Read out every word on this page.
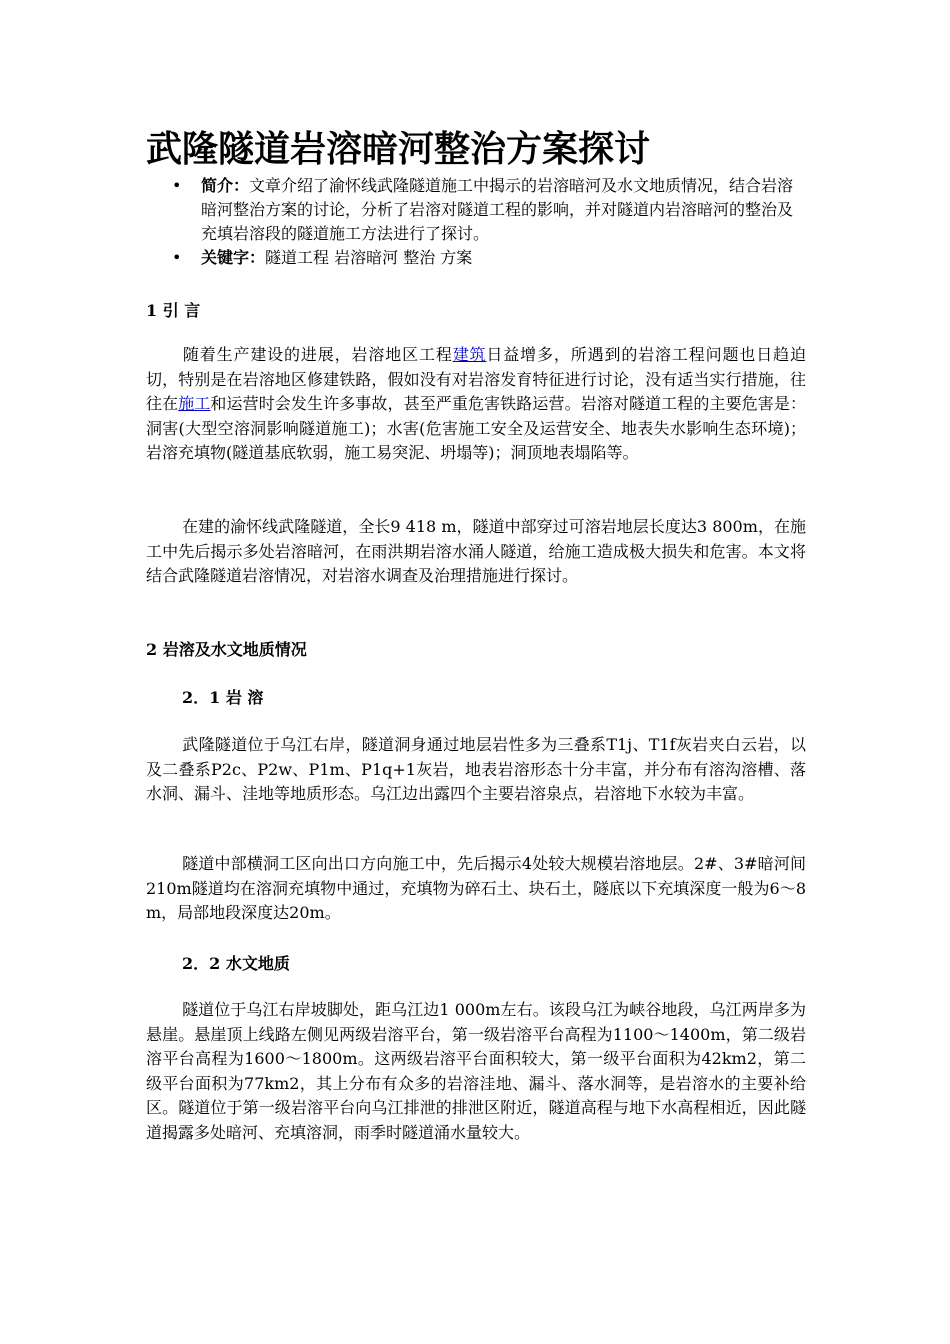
武隆隧道岩溶暗河整治方案探讨
• 简介：文章介绍了渝怀线武隆隧道施工中揭示的岩溶暗河及水文地质情况，结合岩溶暗河整治方案的讨论，分析了岩溶对隧道工程的影响，并对隧道内岩溶暗河的整治及充填岩溶段的隧道施工方法进行了探讨。
• 关键字：隧道工程 岩溶暗河 整治 方案
1 引 言

随着生产建设的进展，岩溶地区工程建筑日益增多，所遇到的岩溶工程问题也日趋迫切，特别是在岩溶地区修建铁路，假如没有对岩溶发育特征进行讨论，没有适当实行措施，往往在施工和运营时会发生许多事故，甚至严重危害铁路运营。岩溶对隧道工程的主要危害是：洞害(大型空溶洞影响隧道施工)；水害(危害施工安全及运营安全、地表失水影响生态环境)；岩溶充填物(隧道基底软弱，施工易突泥、坍塌等)；洞顶地表塌陷等。

在建的渝怀线武隆隧道，全长9 418 m，隧道中部穿过可溶岩地层长度达3 800m，在施工中先后揭示多处岩溶暗河，在雨洪期岩溶水涌人隧道，给施工造成极大损失和危害。本文将结合武隆隧道岩溶情况，对岩溶水调查及治理措施进行探讨。

2 岩溶及水文地质情况
2．1 岩 溶

武隆隧道位于乌江右岸，隧道洞身通过地层岩性多为三叠系T1j、T1f灰岩夹白云岩，以及二叠系P2c、P2w、P1m、P1q+1灰岩，地表岩溶形态十分丰富，并分布有溶沟溶槽、落水洞、漏斗、洼地等地质形态。乌江边出露四个主要岩溶泉点，岩溶地下水较为丰富。

隧道中部横洞工区向出口方向施工中，先后揭示4处较大规模岩溶地层。2#、3#暗河间210m隧道均在溶洞充填物中通过，充填物为碎石土、块石土，隧底以下充填深度一般为6～8 m，局部地段深度达20m。

2．2 水文地质

隧道位于乌江右岸坡脚处，距乌江边1 000m左右。该段乌江为峡谷地段，乌江两岸多为悬崖。悬崖顶上线路左侧见两级岩溶平台，第一级岩溶平台高程为1100～1400m，第二级岩溶平台高程为1600～1800m。这两级岩溶平台面积较大，第一级平台面积为42km2，第二级平台面积为77km2，其上分布有众多的岩溶洼地、漏斗、落水洞等，是岩溶水的主要补给区。隧道位于第一级岩溶平台向乌江排泄的排泄区附近，隧道高程与地下水高程相近，因此隧道揭露多处暗河、充填溶洞，雨季时隧道涌水量较大。
